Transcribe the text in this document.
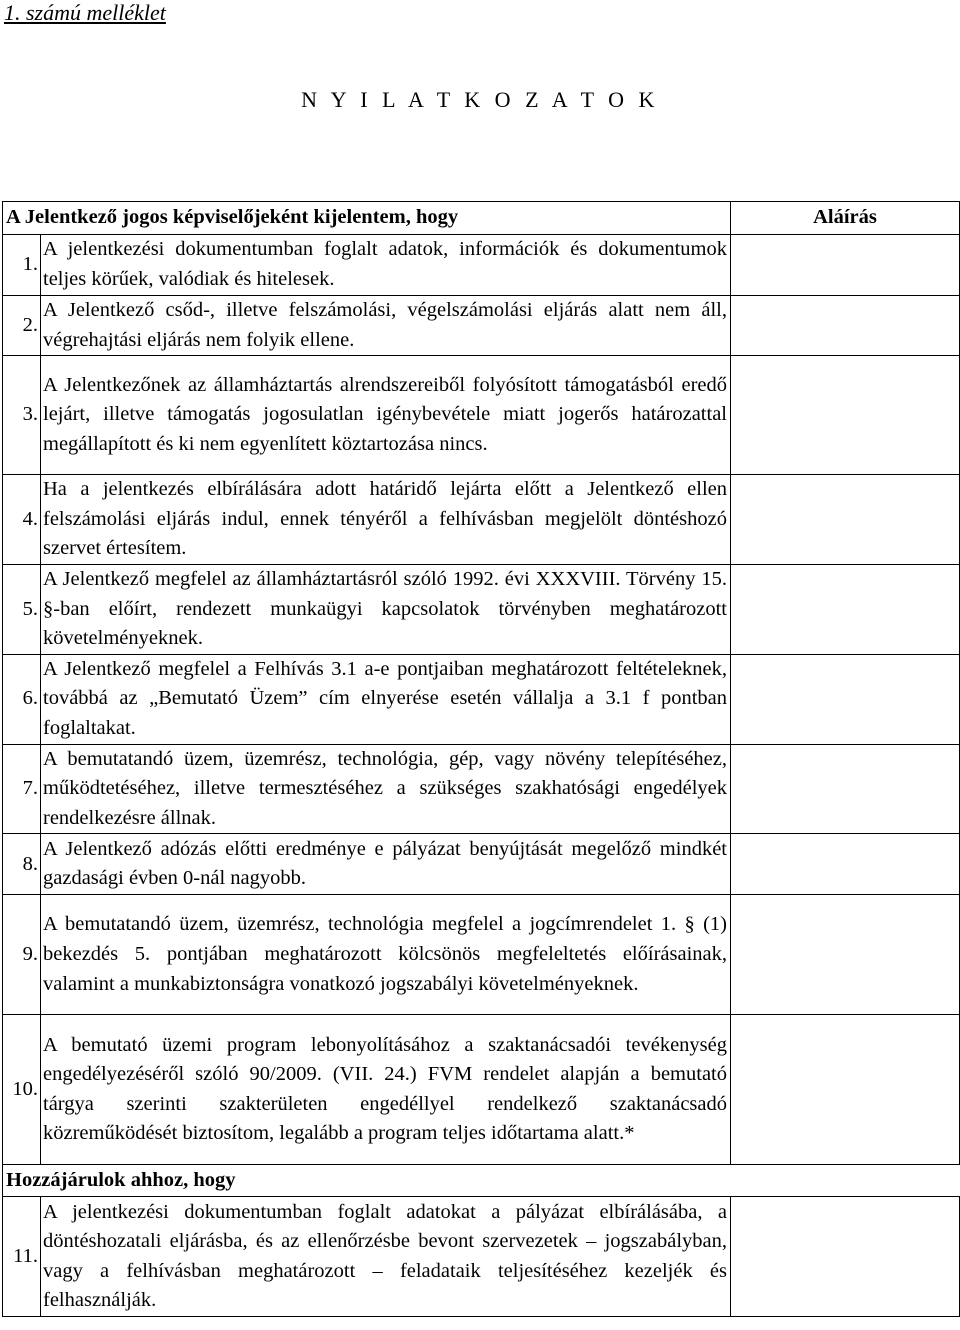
1. számú melléklet
N Y I L A T K O Z A T O K
A Jelentkező jogos képviselőjeként kijelentem, hogy		Aláírás
1.	A jelentkezési dokumentumban foglalt adatok, információk és dokumentumok teljes körűek, valódiak és hitelesek.	
2.	A Jelentkező csőd-, illetve felszámolási, végelszámolási eljárás alatt nem áll, végrehajtási eljárás nem folyik ellene.	
3.	A Jelentkezőnek az államháztartás alrendszereiből folyósított támogatásból eredő lejárt, illetve támogatás jogosulatlan igénybevétele miatt jogerős határozattal megállapított és ki nem egyenlített köztartozása nincs.	
4.	Ha a jelentkezés elbírálására adott határidő lejárta előtt a Jelentkező ellen felszámolási eljárás indul, ennek tényéről a felhívásban megjelölt döntéshozó szervet értesítem.	
5.	A Jelentkező megfelel az államháztartásról szóló 1992. évi XXXVIII. Törvény 15. §-ban előírt, rendezett munkaügyi kapcsolatok törvényben meghatározott követelményeknek.	
6.	A Jelentkező megfelel a Felhívás 3.1 a-e pontjaiban meghatározott feltételeknek, továbbá az „Bemutató Üzem” cím elnyerése esetén vállalja a 3.1 f pontban foglaltakat.	
7.	A bemutatandó üzem, üzemrész, technológia, gép, vagy növény telepítéséhez, működtetéséhez, illetve termesztéséhez a szükséges szakhatósági engedélyek rendelkezésre állnak.	
8.	A Jelentkező adózás előtti eredménye e pályázat benyújtását megelőző mindkét gazdasági évben 0-nál nagyobb.	
9.	A bemutatandó üzem, üzemrész, technológia megfelel a jogcímrendelet 1. § (1) bekezdés 5. pontjában meghatározott kölcsönös megfeleltetés előírásainak, valamint a munkabiztonságra vonatkozó jogszabályi követelményeknek.	
10.	A bemutató üzemi program lebonyolításához a szaktanácsadói tevékenység engedélyezéséről szóló 90/2009. (VII. 24.) FVM rendelet alapján a bemutató tárgya szerinti szakterületen engedéllyel rendelkező szaktanácsadó közreműködését biztosítom, legalább a program teljes időtartama alatt.*	
Hozzájárulok ahhoz, hogy		
11.	A jelentkezési dokumentumban foglalt adatokat a pályázat elbírálásába, a döntéshozatali eljárásba, és az ellenőrzésbe bevont szervezetek – jogszabályban, vagy a felhívásban meghatározott – feladataik teljesítéséhez kezeljék és felhasználják.	
